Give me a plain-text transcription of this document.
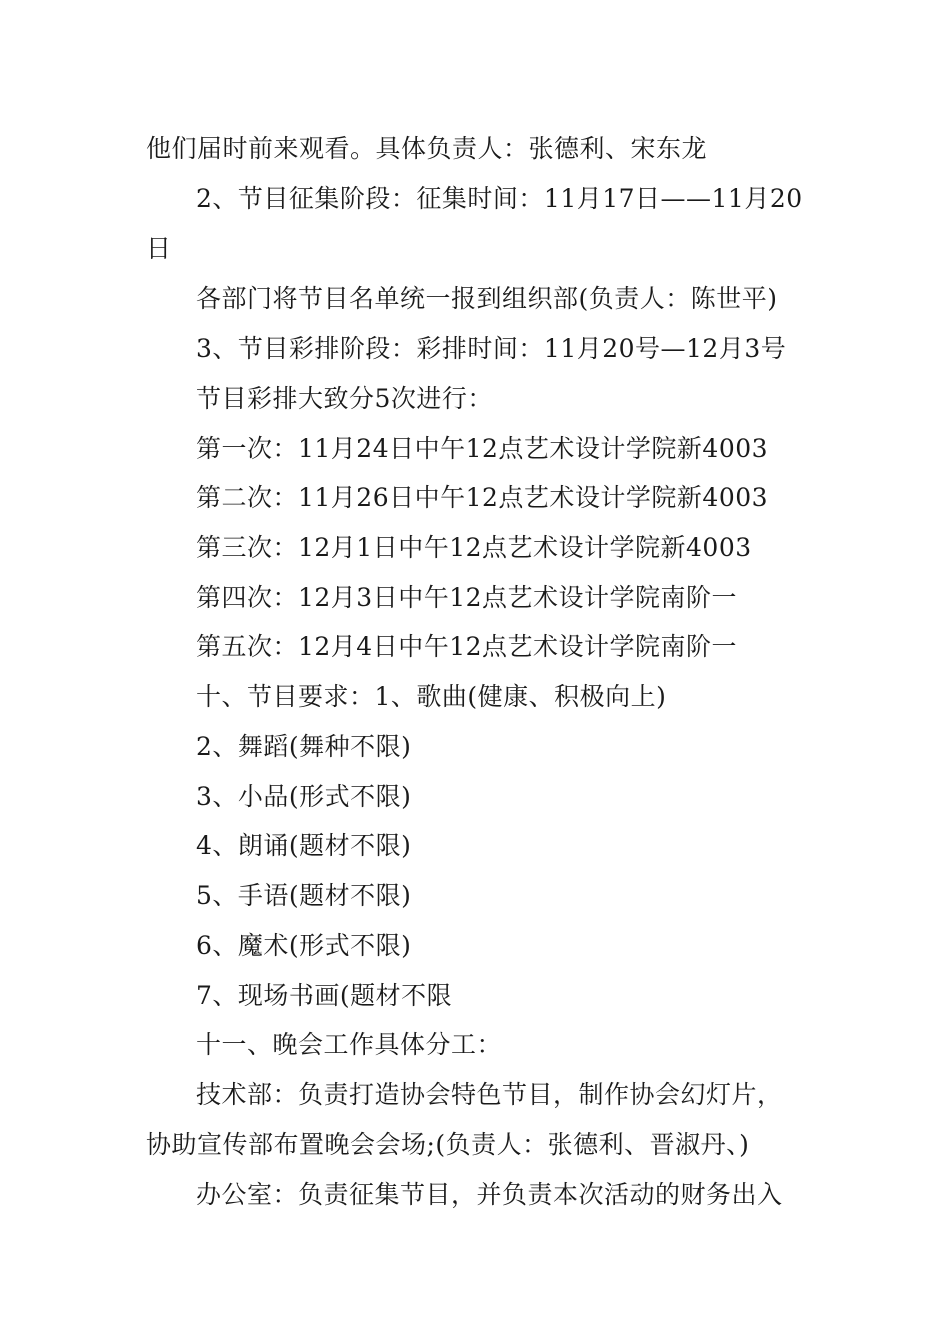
他们届时前来观看。具体负责人：张德利、宋东龙
2、节目征集阶段：征集时间：11月17日——11月20
日
各部门将节目名单统一报到组织部(负责人：陈世平)
3、节目彩排阶段：彩排时间：11月20号—12月3号
节目彩排大致分5次进行：
第一次：11月24日中午12点艺术设计学院新4003
第二次：11月26日中午12点艺术设计学院新4003
第三次：12月1日中午12点艺术设计学院新4003
第四次：12月3日中午12点艺术设计学院南阶一
第五次：12月4日中午12点艺术设计学院南阶一
十、节目要求：1、歌曲(健康、积极向上)
2、舞蹈(舞种不限)
3、小品(形式不限)
4、朗诵(题材不限)
5、手语(题材不限)
6、魔术(形式不限)
7、现场书画(题材不限
十一、晚会工作具体分工：
技术部：负责打造协会特色节目，制作协会幻灯片，
协助宣传部布置晚会会场;(负责人：张德利、晋淑丹、)
办公室：负责征集节目，并负责本次活动的财务出入
